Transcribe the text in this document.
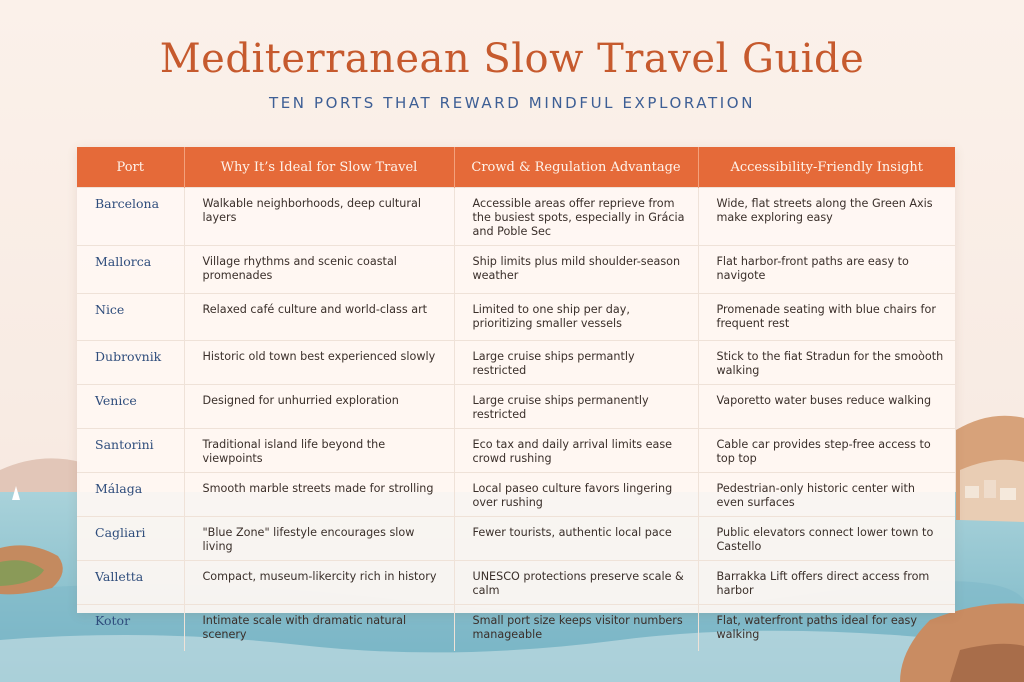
Mediterranean Slow Travel Guide
TEN PORTS THAT REWARD MINDFUL EXPLORATION
Port	Why It’s Ideal for Slow Travel	Crowd & Regulation Advantage	Accessibility-Friendly Insight
Barcelona	Walkable neighborhoods, deep cultural layers	Accessible areas offer reprieve from the busiest spots, especially in Grácia and Poble Sec	Wide, flat streets along the Green Axis make exploring easy
Mallorca	Village rhythms and scenic coastal promenades	Ship limits plus mild shoulder-season weather	Flat harbor-front paths are easy to navigote
Nice	Relaxed café culture and world-class art	Limited to one ship per day, prioritizing smaller vessels	Promenade seating with blue chairs for frequent rest
Dubrovnik	Historic old town best experienced slowly	Large cruise ships permantly restricted	Stick to the fiat Stradun for the smoòoth walking
Venice	Designed for unhurried exploration	Large cruise ships permanently restricted	Vaporetto water buses reduce walking
Santorini	Traditional island life beyond the viewpoints	Eco tax and daily arrival limits ease crowd rushing	Cable car provides step-free access to top top
Málaga	Smooth marble streets made for strolling	Local paseo culture favors lingering over rushing	Pedestrian-only historic center with even surfaces
Cagliari	"Blue Zone" lifestyle encourages slow living	Fewer tourists, authentic local pace	Public elevators connect lower town to Castello
Valletta	Compact, museum-likercity rich in history	UNESCO protections preserve scale & calm	Barrakka Lift offers direct access from harbor
Kotor	Intimate scale with dramatic natural scenery	Small port size keeps visitor numbers manageable	Flat, waterfront paths ideal for easy walking
